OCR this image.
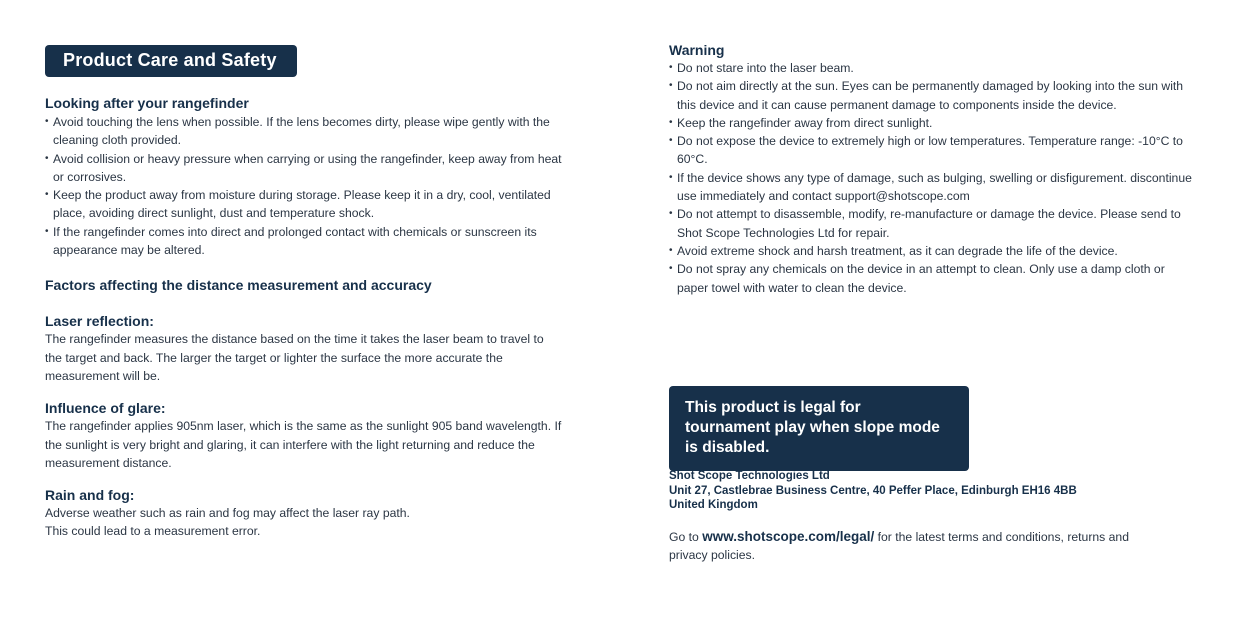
Product Care and Safety
Looking after your rangefinder
• Avoid touching the lens when possible. If the lens becomes dirty, please wipe gently with the cleaning cloth provided.
• Avoid collision or heavy pressure when carrying or using the rangefinder, keep away from heat or corrosives.
• Keep the product away from moisture during storage. Please keep it in a dry, cool, ventilated place, avoiding direct sunlight, dust and temperature shock.
• If the rangefinder comes into direct and prolonged contact with chemicals or sunscreen its appearance may be altered.
Factors affecting the distance measurement and accuracy
Laser reflection:

The rangefinder measures the distance based on the time it takes the laser beam to travel to the target and back. The larger the target or lighter the surface the more accurate the measurement will be.

Influence of glare:

The rangefinder applies 905nm laser, which is the same as the sunlight 905 band wavelength. If the sunlight is very bright and glaring, it can interfere with the light returning and reduce the measurement distance.

Rain and fog:
Adverse weather such as rain and fog may affect the laser ray path.
This could lead to a measurement error.
Warning
• Do not stare into the laser beam.
• Do not aim directly at the sun. Eyes can be permanently damaged by looking into the sun with this device and it can cause permanent damage to components inside the device.
• Keep the rangefinder away from direct sunlight.
• Do not expose the device to extremely high or low temperatures. Temperature range: -10°C to 60°C.
• If the device shows any type of damage, such as bulging, swelling or disfigurement. discontinue use immediately and contact support@shotscope.com
• Do not attempt to disassemble, modify, re-manufacture or damage the device. Please send to Shot Scope Technologies Ltd for repair.
• Avoid extreme shock and harsh treatment, as it can degrade the life of the device.
• Do not spray any chemicals on the device in an attempt to clean. Only use a damp cloth or paper towel with water to clean the device.
This product is legal for tournament play when slope mode is disabled.
Shot Scope Technologies Ltd
Unit 27, Castlebrae Business Centre, 40 Peffer Place, Edinburgh EH16 4BB
United Kingdom
Go to www.shotscope.com/legal/ for the latest terms and conditions, returns and privacy policies.
